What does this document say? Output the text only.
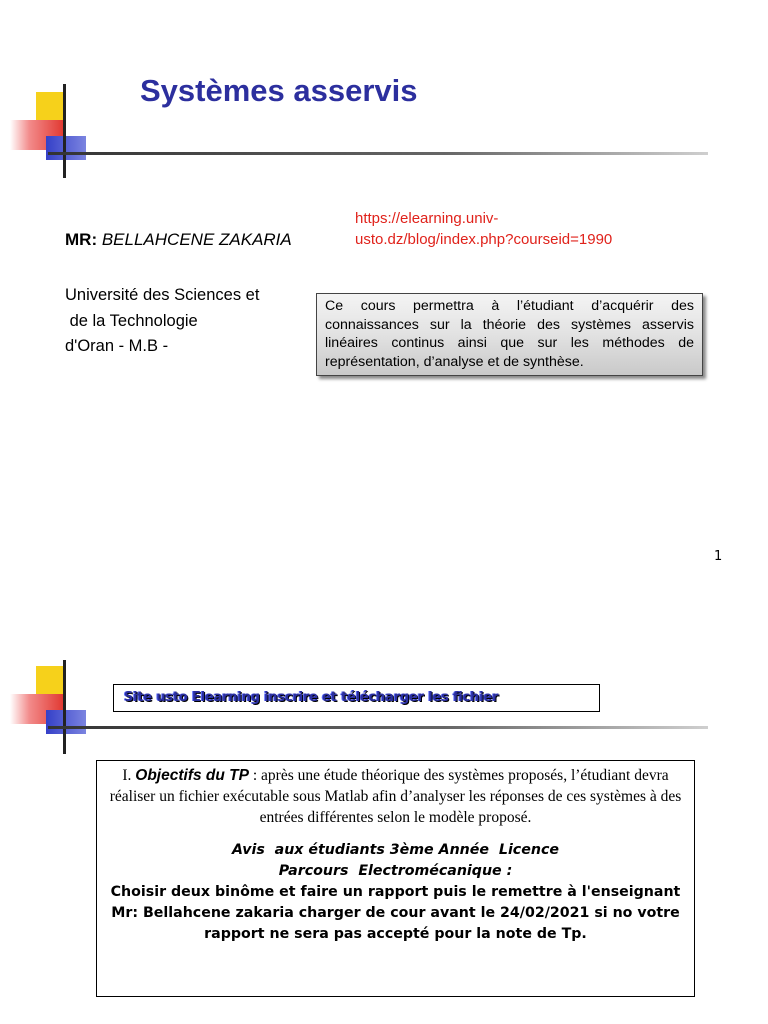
Systèmes asservis
MR: BELLAHCENE ZAKARIA
https://elearning.univ-
usto.dz/blog/index.php?courseid=1990
Université des Sciences et
de la Technologie
d'Oran - M.B -
Ce cours permettra à l’étudiant d’acquérir des connaissances sur la théorie des systèmes asservis linéaires continus ainsi que sur les méthodes de représentation, d’analyse et de synthèse.
1
Site usto Elearning inscrire et télécharger les fichier
I. Objectifs du TP : après une étude théorique des systèmes proposés, l’étudiant devra réaliser un fichier exécutable sous Matlab afin d’analyser les réponses de ces systèmes à des entrées différentes selon le modèle proposé.
Avis  aux étudiants 3ème Année  Licence
Parcours  Electromécanique :
Choisir deux binôme et faire un rapport puis le remettre à l'enseignant Mr: Bellahcene zakaria charger de cour avant le 24/02/2021 si no votre rapport ne sera pas accepté pour la note de Tp.
